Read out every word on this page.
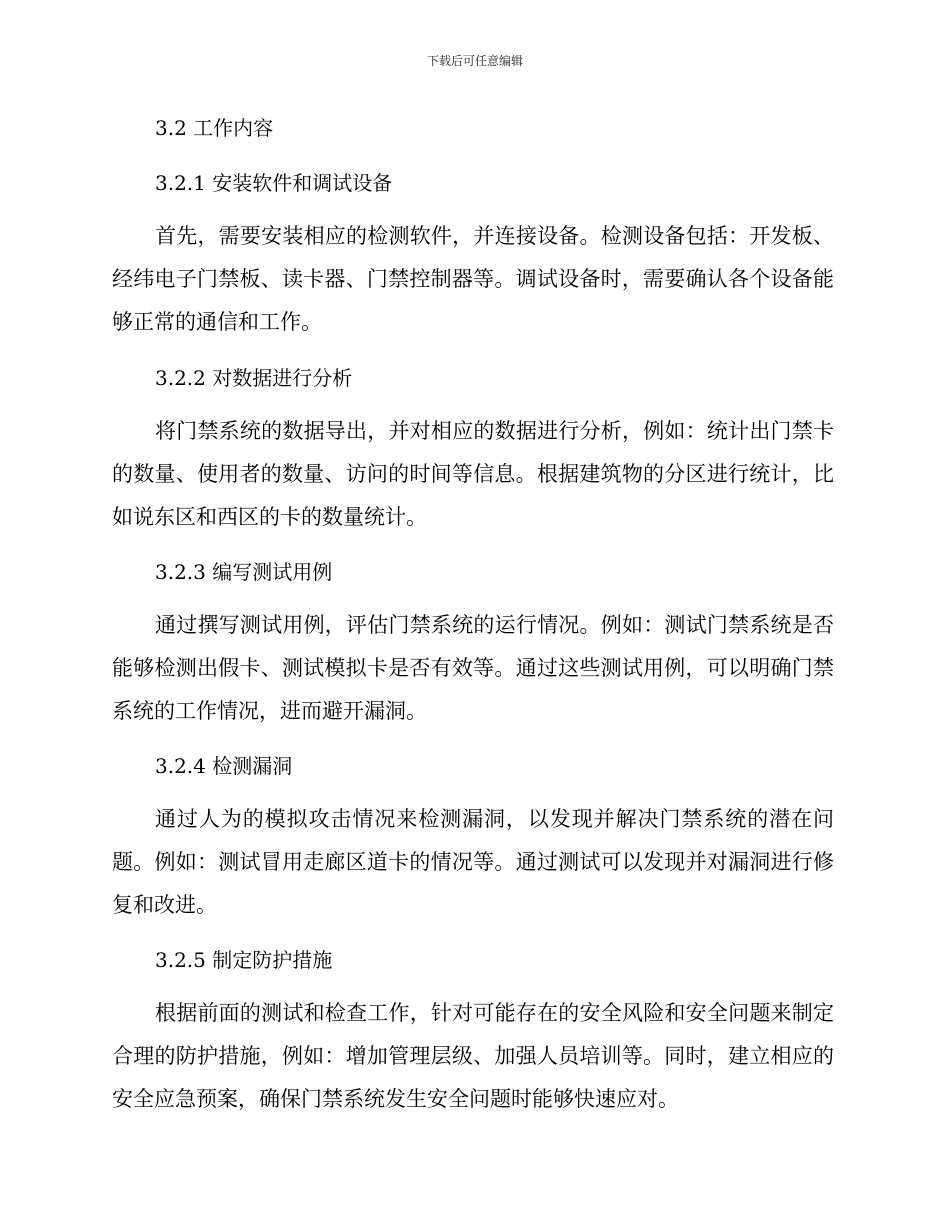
下载后可任意编辑
3.2 工作内容
3.2.1 安装软件和调试设备

首先，需要安装相应的检测软件，并连接设备。检测设备包括：开发板、经纬电子门禁板、读卡器、门禁控制器等。调试设备时，需要确认各个设备能够正常的通信和工作。

3.2.2 对数据进行分析

将门禁系统的数据导出，并对相应的数据进行分析，例如：统计出门禁卡的数量、使用者的数量、访问的时间等信息。根据建筑物的分区进行统计，比如说东区和西区的卡的数量统计。

3.2.3 编写测试用例

通过撰写测试用例，评估门禁系统的运行情况。例如：测试门禁系统是否能够检测出假卡、测试模拟卡是否有效等。通过这些测试用例，可以明确门禁系统的工作情况，进而避开漏洞。

3.2.4 检测漏洞

通过人为的模拟攻击情况来检测漏洞，以发现并解决门禁系统的潜在问题。例如：测试冒用走廊区道卡的情况等。通过测试可以发现并对漏洞进行修复和改进。

3.2.5 制定防护措施

根据前面的测试和检查工作，针对可能存在的安全风险和安全问题来制定合理的防护措施，例如：增加管理层级、加强人员培训等。同时，建立相应的安全应急预案，确保门禁系统发生安全问题时能够快速应对。
